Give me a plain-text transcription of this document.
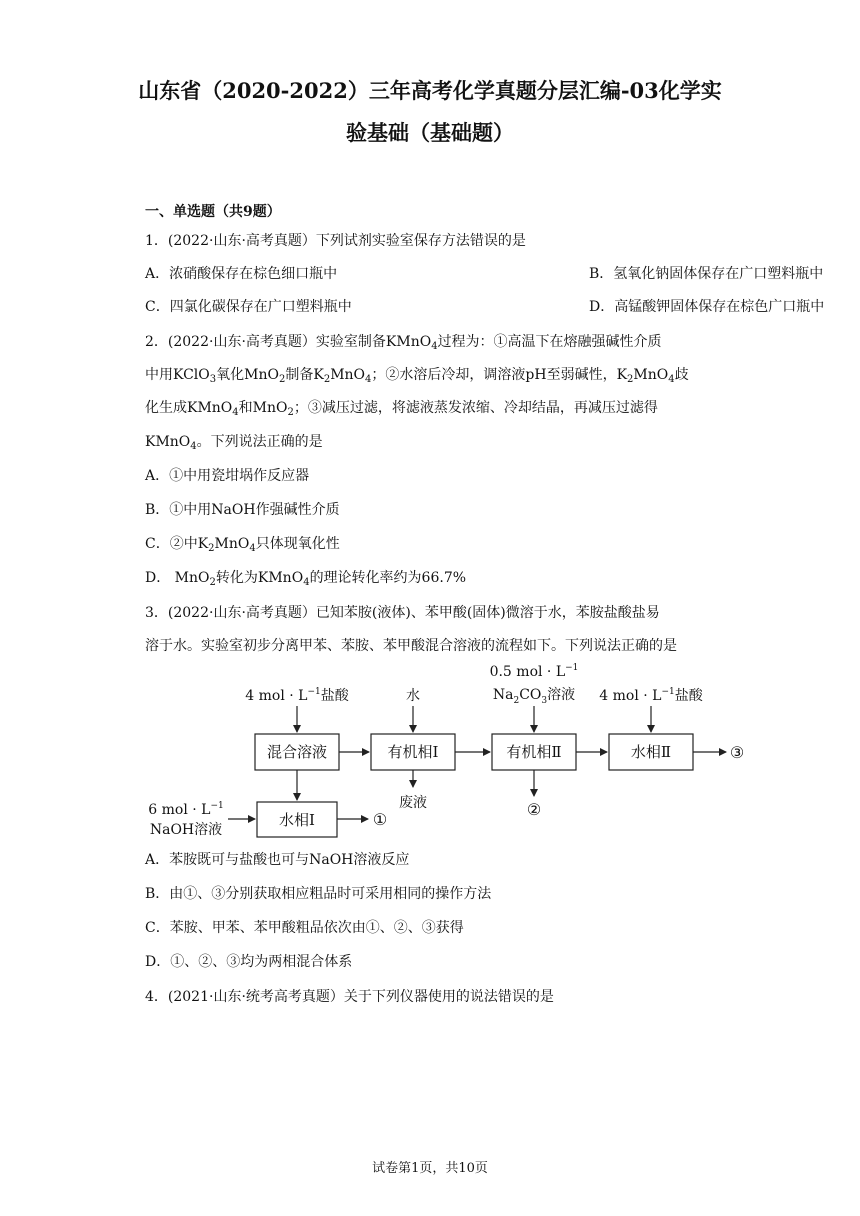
山东省（2020-2022）三年高考化学真题分层汇编-03化学实
验基础（基础题）
一、单选题（共9题）
1．(2022·山东·高考真题）下列试剂实验室保存方法错误的是
A．浓硝酸保存在棕色细口瓶中	B．氢氧化钠固体保存在广口塑料瓶中
C．四氯化碳保存在广口塑料瓶中	D．高锰酸钾固体保存在棕色广口瓶中
2．(2022·山东·高考真题）实验室制备KMnO$_4$过程为：①高温下在熔融强碱性介质
中用KClO$_3$氧化MnO$_2$制备$K_2MnO_4$；②水溶后冷却，调溶液pH至弱碱性，$K_2MnO_4$歧
化生成KMnO$_4$和MnO$_2$；③减压过滤，将滤液蒸发浓缩、冷却结晶，再减压过滤得
KMnO$_4$。下列说法正确的是
A．①中用瓷坩埚作反应器
B．①中用NaOH作强碱性介质
C．②中$K_2MnO_4$只体现氧化性
D． MnO$_2$转化为KMnO$_4$的理论转化率约为66.7%
3．(2022·山东·高考真题）已知苯胺(液体)、苯甲酸(固体)微溶于水，苯胺盐酸盐易
溶于水。实验室初步分离甲苯、苯胺、苯甲酸混合溶液的流程如下。下列说法正确的是
混合溶液	有机相Ⅰ	有机相Ⅱ	水相Ⅱ
水相Ⅰ
4 mol · $L^{-1}$盐酸	水
0.5 mol · $L^{-1}$
$Na_2CO_3$溶液 4 mol · $L^{-1}$盐酸
6 mol · $L^{-1}$
NaOH溶液
废液
①
②
③
A．苯胺既可与盐酸也可与NaOH溶液反应
B．由①、③分别获取相应粗品时可采用相同的操作方法
C．苯胺、甲苯、苯甲酸粗品依次由①、②、③获得
D．①、②、③均为两相混合体系
4．(2021·山东·统考高考真题）关于下列仪器使用的说法错误的是
试卷第1页，共10页
